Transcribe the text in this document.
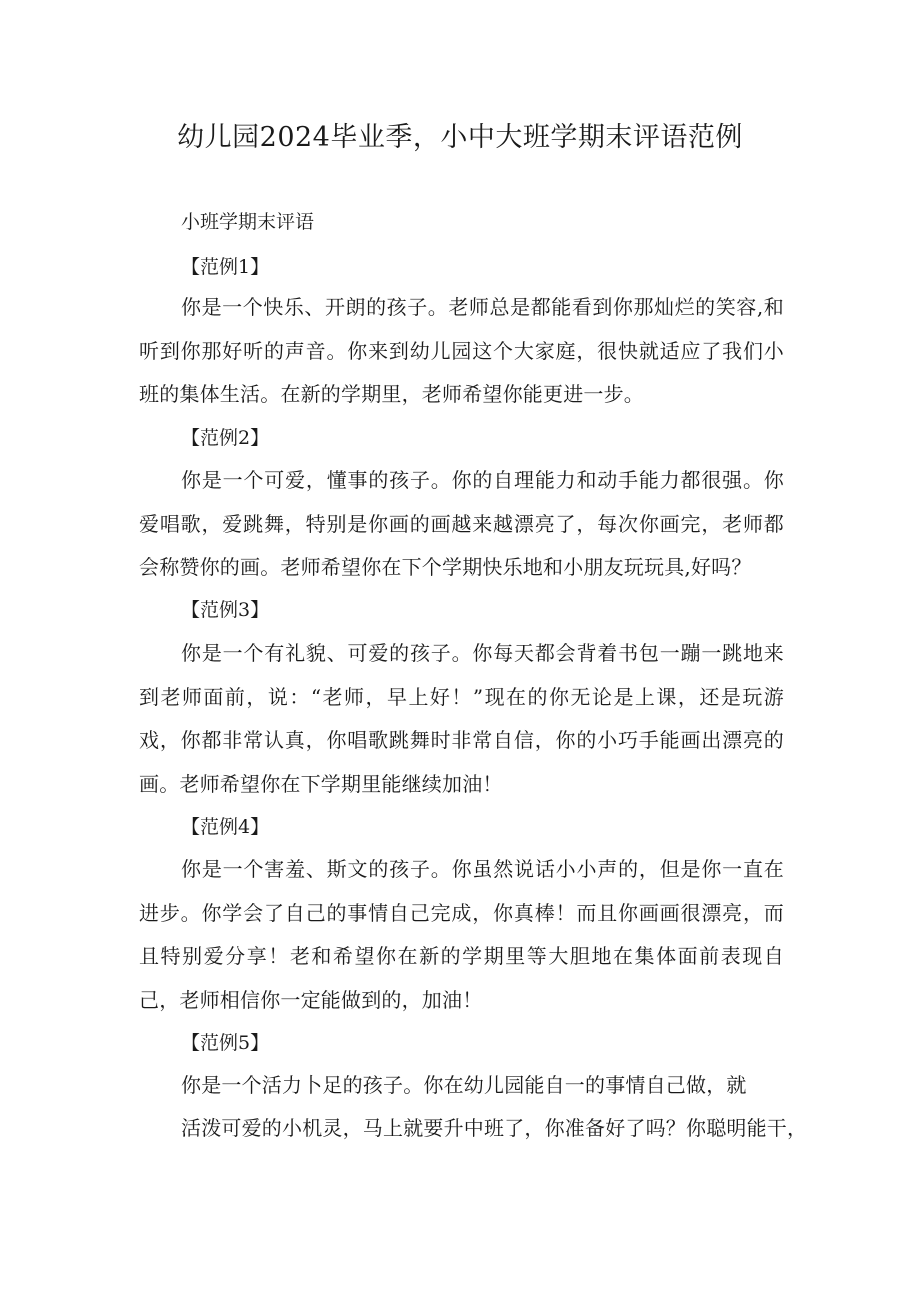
幼儿园2024毕业季，小中大班学期末评语范例
小班学期末评语
【范例1】

你是一个快乐、开朗的孩子。老师总是都能看到你那灿烂的笑容,和听到你那好听的声音。你来到幼儿园这个大家庭，很快就适应了我们小班的集体生活。在新的学期里，老师希望你能更进一步。

【范例2】

你是一个可爱，懂事的孩子。你的自理能力和动手能力都很强。你爱唱歌，爱跳舞，特别是你画的画越来越漂亮了，每次你画完，老师都会称赞你的画。老师希望你在下个学期快乐地和小朋友玩玩具,好吗？

【范例3】

你是一个有礼貌、可爱的孩子。你每天都会背着书包一蹦一跳地来到老师面前，说：“老师，早上好！”现在的你无论是上课，还是玩游戏，你都非常认真，你唱歌跳舞时非常自信，你的小巧手能画出漂亮的画。老师希望你在下学期里能继续加油！

【范例4】

你是一个害羞、斯文的孩子。你虽然说话小小声的，但是你一直在进步。你学会了自己的事情自己完成，你真棒！而且你画画很漂亮，而且特别爱分享！老和希望你在新的学期里等大胆地在集体面前表现自己，老师相信你一定能做到的，加油！

【范例5】
你是一个活力卜足的孩子。你在幼儿园能自一的事情自己做，就
活泼可爱的小机灵，马上就要升中班了，你准备好了吗？你聪明能干，
